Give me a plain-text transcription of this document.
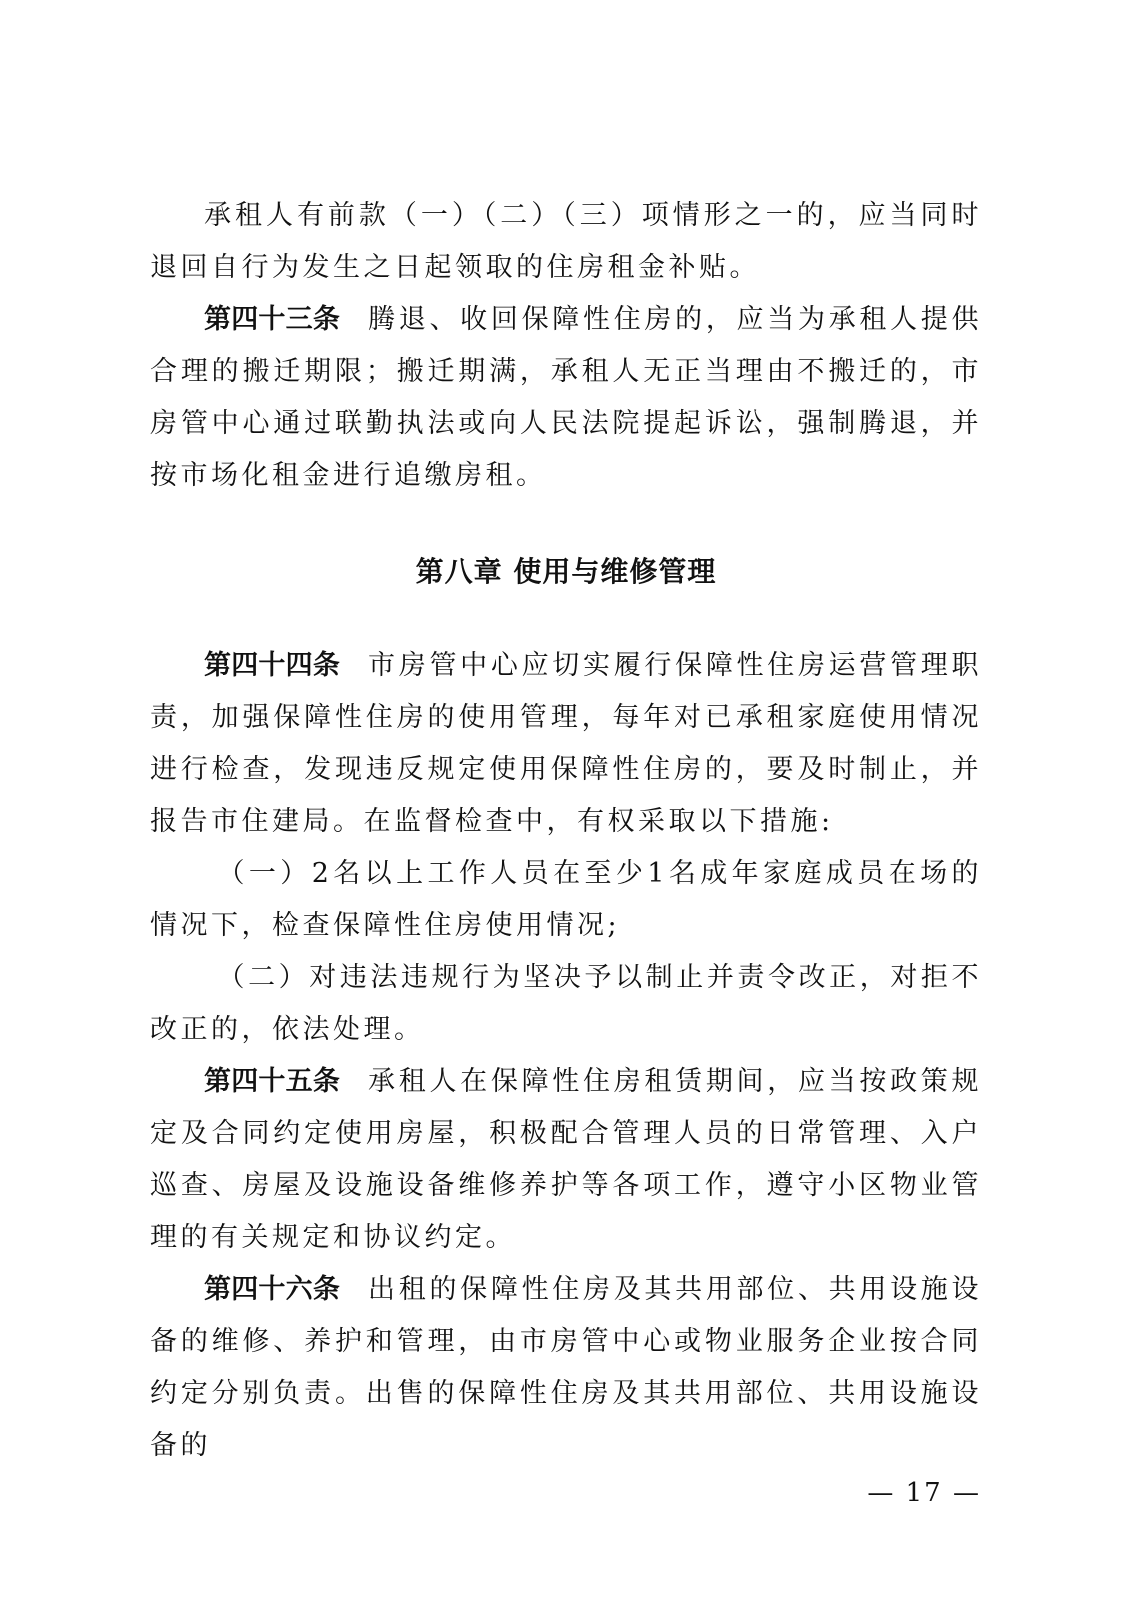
承租人有前款（一）（二）（三）项情形之一的，应当同时退回自行为发生之日起领取的住房租金补贴。

第四十三条 腾退、收回保障性住房的，应当为承租人提供合理的搬迁期限；搬迁期满，承租人无正当理由不搬迁的，市房管中心通过联勤执法或向人民法院提起诉讼，强制腾退，并按市场化租金进行追缴房租。

第八章 使用与维修管理

第四十四条 市房管中心应切实履行保障性住房运营管理职责，加强保障性住房的使用管理，每年对已承租家庭使用情况进行检查，发现违反规定使用保障性住房的，要及时制止，并报告市住建局。在监督检查中，有权采取以下措施:

（一）2名以上工作人员在至少1名成年家庭成员在场的情况下，检查保障性住房使用情况;

（二）对违法违规行为坚决予以制止并责令改正，对拒不改正的，依法处理。

第四十五条 承租人在保障性住房租赁期间，应当按政策规定及合同约定使用房屋，积极配合管理人员的日常管理、入户巡查、房屋及设施设备维修养护等各项工作，遵守小区物业管理的有关规定和协议约定。

第四十六条 出租的保障性住房及其共用部位、共用设施设备的维修、养护和管理，由市房管中心或物业服务企业按合同约定分别负责。出售的保障性住房及其共用部位、共用设施设备的

— 17 —
